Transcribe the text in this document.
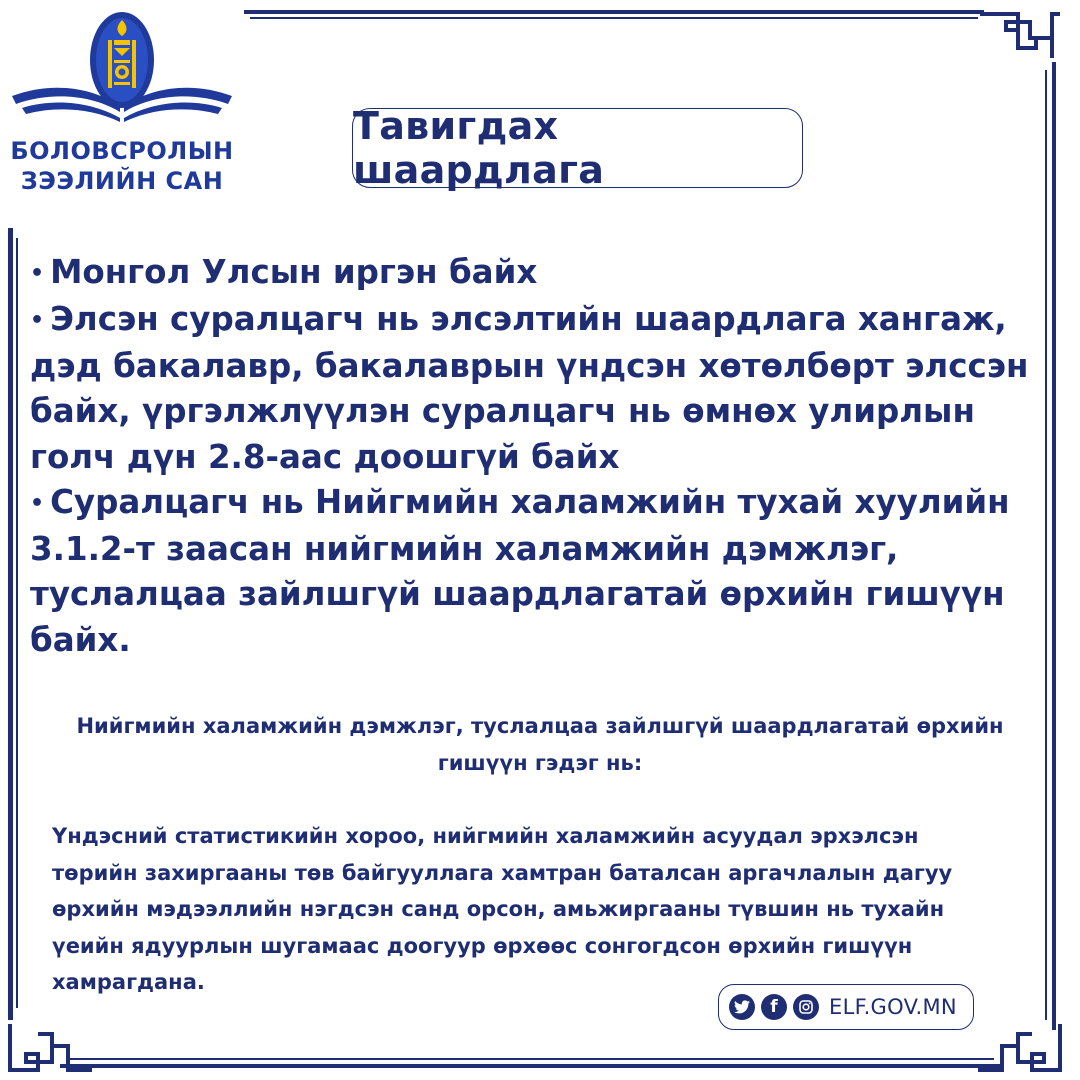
БОЛОВСРОЛЫН
ЗЭЭЛИЙН САН
Тавигдах шаардлага
• Монгол Улсын иргэн байх
• Элсэн суралцагч нь элсэлтийн шаардлага хангаж, дэд бакалавр, бакалаврын үндсэн хөтөлбөрт элссэн байх, үргэлжлүүлэн суралцагч нь өмнөх улирлын голч дүн 2.8-аас доошгүй байх
• Суралцагч нь Нийгмийн халамжийн тухай хуулийн 3.1.2-т заасан нийгмийн халамжийн дэмжлэг, туслалцаа зайлшгүй шаардлагатай өрхийн гишүүн байх.
Нийгмийн халамжийн дэмжлэг, туслалцаа зайлшгүй шаардлагатай өрхийн гишүүн гэдэг нь:
Үндэсний статистикийн хороо, нийгмийн халамжийн асуудал эрхэлсэн төрийн захиргааны төв байгууллага хамтран баталсан аргачлалын дагуу өрхийн мэдээллийн нэгдсэн санд орсон, амьжиргааны түвшин нь тухайн үеийн ядуурлын шугамаас доогуур өрхөөс сонгогдсон өрхийн гишүүн хамрагдана.
f ELF.GOV.MN
